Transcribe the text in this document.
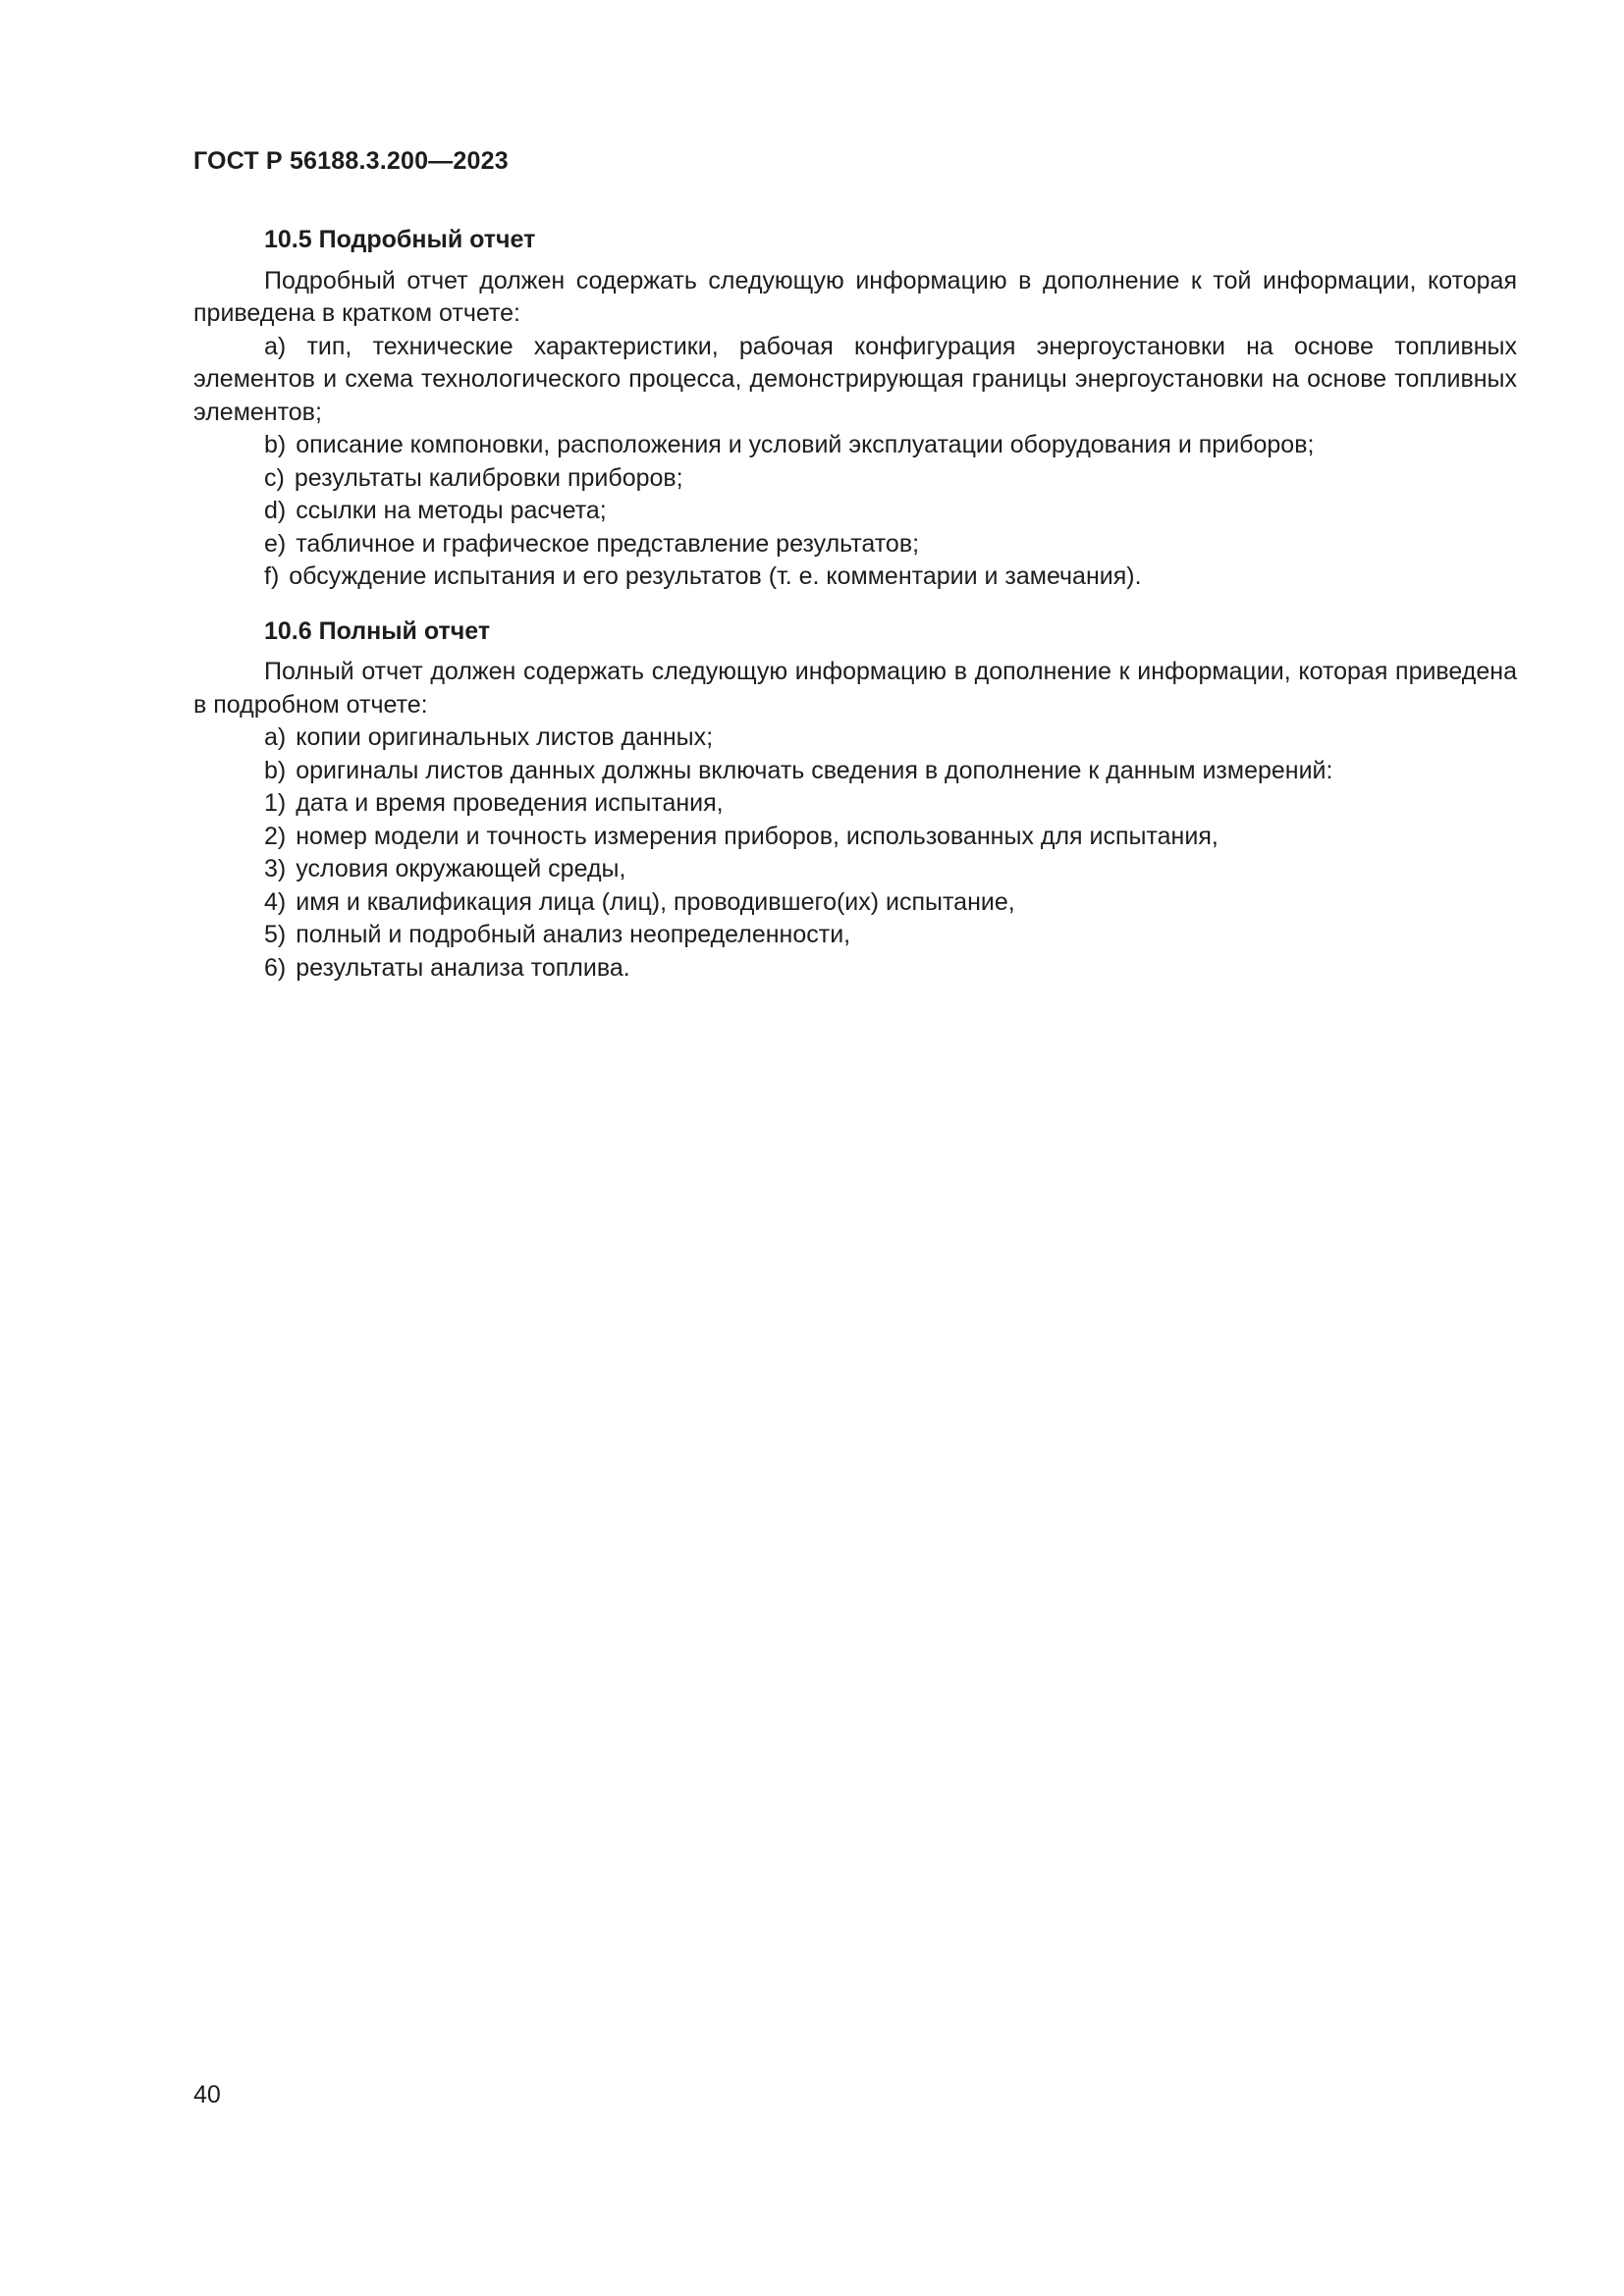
ГОСТ Р 56188.3.200—2023
10.5 Подробный отчет

Подробный отчет должен содержать следующую информацию в дополнение к той информации, которая приведена в кратком отчете:

a) тип, технические характеристики, рабочая конфигурация энергоустановки на основе топливных элементов и схема технологического процесса, демонстрирующая границы энергоустановки на основе топливных элементов;

b) описание компоновки, расположения и условий эксплуатации оборудования и приборов;
c) результаты калибровки приборов;
d) ссылки на методы расчета;
e) табличное и графическое представление результатов;
f) обсуждение испытания и его результатов (т. е. комментарии и замечания).
10.6 Полный отчет

Полный отчет должен содержать следующую информацию в дополнение к информации, которая приведена в подробном отчете:

a) копии оригинальных листов данных;
b) оригиналы листов данных должны включать сведения в дополнение к данным измерений:
1) дата и время проведения испытания,
2) номер модели и точность измерения приборов, использованных для испытания,
3) условия окружающей среды,
4) имя и квалификация лица (лиц), проводившего(их) испытание,
5) полный и подробный анализ неопределенности,
6) результаты анализа топлива.
40
